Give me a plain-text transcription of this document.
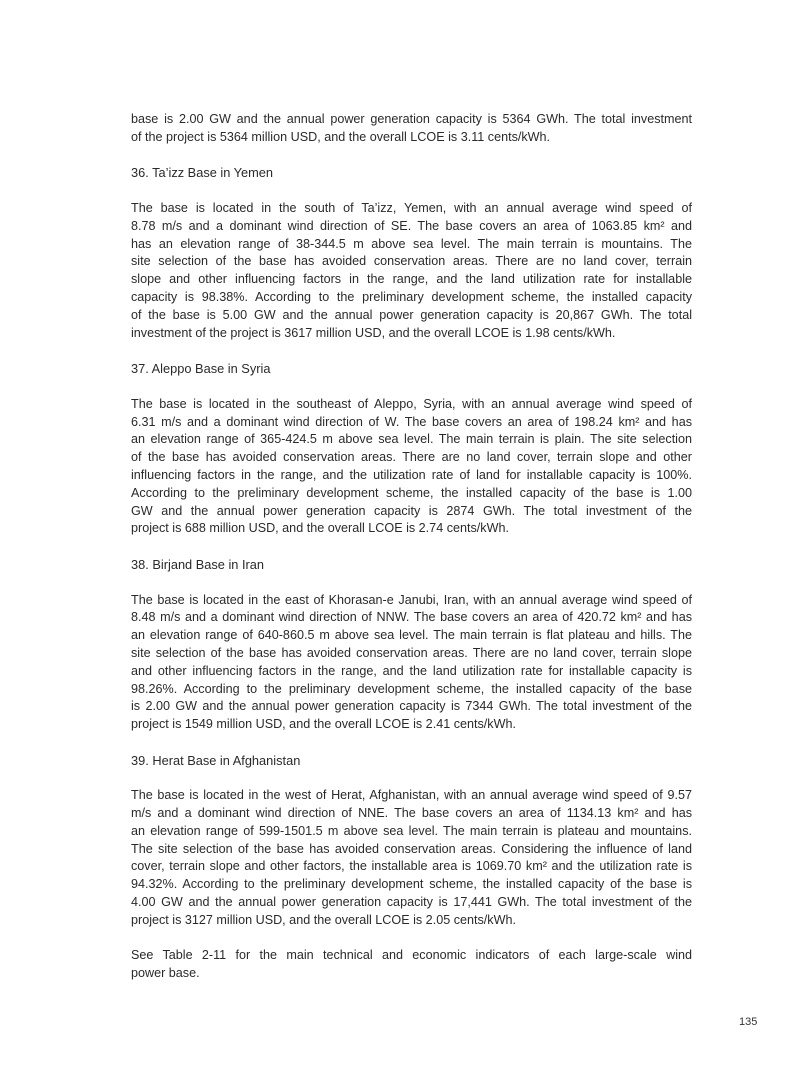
base is 2.00 GW and the annual power generation capacity is 5364 GWh. The total investment
of the project is 5364 million USD, and the overall LCOE is 3.11 cents/kWh.
36. Ta’izz Base in Yemen
The base is located in the south of Ta’izz, Yemen, with an annual average wind speed of
8.78 m/s and a dominant wind direction of SE. The base covers an area of 1063.85 km² and
has an elevation range of 38-344.5 m above sea level. The main terrain is mountains. The
site selection of the base has avoided conservation areas. There are no land cover, terrain
slope and other influencing factors in the range, and the land utilization rate for installable
capacity is 98.38%. According to the preliminary development scheme, the installed capacity
of the base is 5.00 GW and the annual power generation capacity is 20,867 GWh. The total
investment of the project is 3617 million USD, and the overall LCOE is 1.98 cents/kWh.
37. Aleppo Base in Syria
The base is located in the southeast of Aleppo, Syria, with an annual average wind speed of
6.31 m/s and a dominant wind direction of W. The base covers an area of 198.24 km² and has
an elevation range of 365-424.5 m above sea level. The main terrain is plain. The site selection
of the base has avoided conservation areas. There are no land cover, terrain slope and other
influencing factors in the range, and the utilization rate of land for installable capacity is 100%.
According to the preliminary development scheme, the installed capacity of the base is 1.00
GW and the annual power generation capacity is 2874 GWh. The total investment of the
project is 688 million USD, and the overall LCOE is 2.74 cents/kWh.
38. Birjand Base in Iran
The base is located in the east of Khorasan-e Janubi, Iran, with an annual average wind speed of
8.48 m/s and a dominant wind direction of NNW. The base covers an area of 420.72 km² and has
an elevation range of 640-860.5 m above sea level. The main terrain is flat plateau and hills. The
site selection of the base has avoided conservation areas. There are no land cover, terrain slope
and other influencing factors in the range, and the land utilization rate for installable capacity is
98.26%. According to the preliminary development scheme, the installed capacity of the base
is 2.00 GW and the annual power generation capacity is 7344 GWh. The total investment of the
project is 1549 million USD, and the overall LCOE is 2.41 cents/kWh.
39. Herat Base in Afghanistan
The base is located in the west of Herat, Afghanistan, with an annual average wind speed of 9.57
m/s and a dominant wind direction of NNE. The base covers an area of 1134.13 km² and has
an elevation range of 599-1501.5 m above sea level. The main terrain is plateau and mountains.
The site selection of the base has avoided conservation areas. Considering the influence of land
cover, terrain slope and other factors, the installable area is 1069.70 km² and the utilization rate is
94.32%. According to the preliminary development scheme, the installed capacity of the base is
4.00 GW and the annual power generation capacity is 17,441 GWh. The total investment of the
project is 3127 million USD, and the overall LCOE is 2.05 cents/kWh.
See Table 2-11 for the main technical and economic indicators of each large-scale wind
power base.
135
